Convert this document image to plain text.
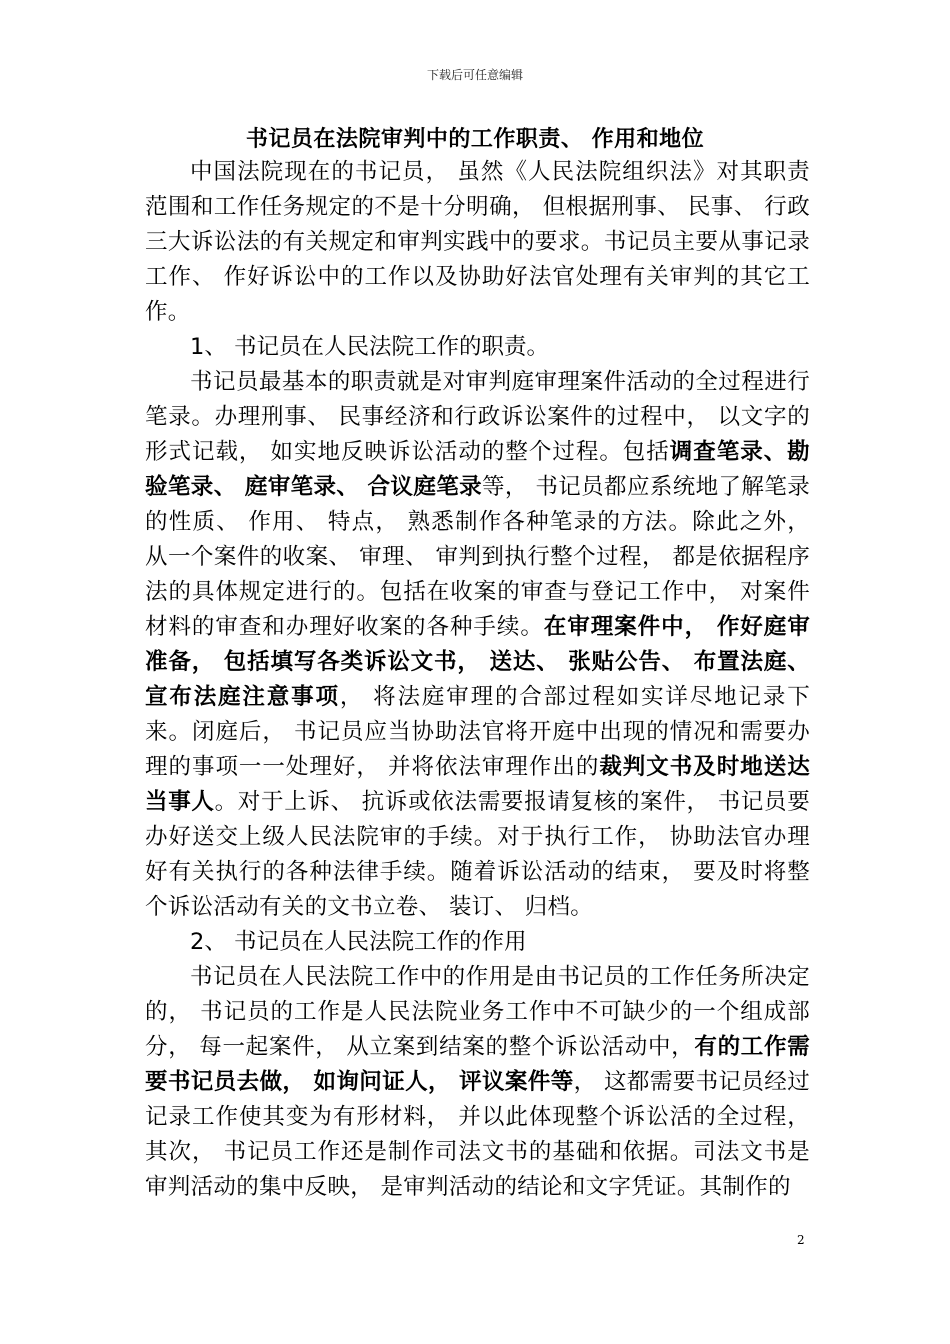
下载后可任意编辑
书记员在法院审判中的工作职责、 作用和地位

中国法院现在的书记员， 虽然《人民法院组织法》对其职责范围和工作任务规定的不是十分明确， 但根据刑事、 民事、 行政三大诉讼法的有关规定和审判实践中的要求。书记员主要从事记录工作、 作好诉讼中的工作以及协助好法官处理有关审判的其它工作。

1、 书记员在人民法院工作的职责。

书记员最基本的职责就是对审判庭审理案件活动的全过程进行笔录。办理刑事、 民事经济和行政诉讼案件的过程中， 以文字的形式记载， 如实地反映诉讼活动的整个过程。包括调查笔录、勘验笔录、 庭审笔录、 合议庭笔录等， 书记员都应系统地了解笔录的性质、 作用、 特点， 熟悉制作各种笔录的方法。除此之外， 从一个案件的收案、 审理、 审判到执行整个过程， 都是依据程序法的具体规定进行的。包括在收案的审查与登记工作中， 对案件材料的审查和办理好收案的各种手续。在审理案件中， 作好庭审准备， 包括填写各类诉讼文书， 送达、 张贴公告、 布置法庭、 宣布法庭注意事项， 将法庭审理的合部过程如实详尽地记录下来。闭庭后， 书记员应当协助法官将开庭中出现的情况和需要办理的事项一一处理好， 并将依法审理作出的裁判文书及时地送达当事人。对于上诉、 抗诉或依法需要报请复核的案件， 书记员要办好送交上级人民法院审的手续。对于执行工作， 协助法官办理好有关执行的各种法律手续。随着诉讼活动的结束， 要及时将整个诉讼活动有关的文书立卷、 装订、 归档。

2、 书记员在人民法院工作的作用

书记员在人民法院工作中的作用是由书记员的工作任务所决定的， 书记员的工作是人民法院业务工作中不可缺少的一个组成部分， 每一起案件， 从立案到结案的整个诉讼活动中，有的工作需要书记员去做， 如询问证人， 评议案件等， 这都需要书记员经过记录工作使其变为有形材料， 并以此体现整个诉讼活的全过程，其次， 书记员工作还是制作司法文书的基础和依据。司法文书是审判活动的集中反映， 是审判活动的结论和文字凭证。其制作的

2
